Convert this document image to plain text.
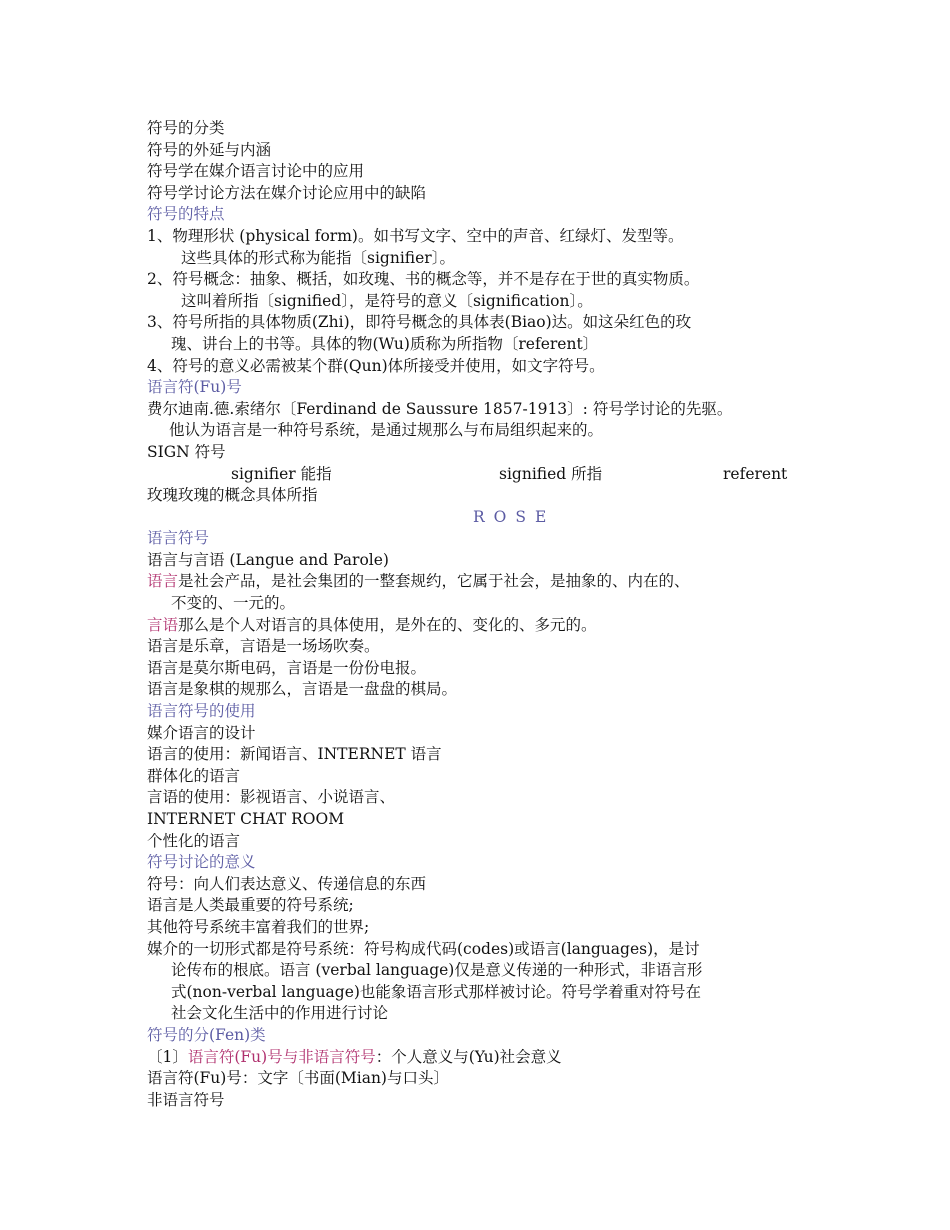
符号的分类
符号的外延与内涵
符号学在媒介语言讨论中的应用
符号学讨论方法在媒介讨论应用中的缺陷
符号的特点
1、物理形状 (physical form)。如书写文字、空中的声音、红绿灯、发型等。
这些具体的形式称为能指〔signifier〕。
2、符号概念：抽象、概括，如玫瑰、书的概念等，并不是存在于世的真实物质。
这叫着所指〔signified〕，是符号的意义〔signification〕。
3、符号所指的具体物质(Zhi)，即符号概念的具体表(Biao)达。如这朵红色的玫
瑰、讲台上的书等。具体的物(Wu)质称为所指物〔referent〕
4、符号的意义必需被某个群(Qun)体所接受并使用，如文字符号。
语言符(Fu)号
费尔迪南.德.索绪尔〔Ferdinand de Saussure 1857-1913〕: 符号学讨论的先驱。
他认为语言是一种符号系统，是通过规那么与布局组织起来的。
SIGN 符号
signifier 能指	signified 所指	referent
玫瑰玫瑰的概念具体所指
ROSE
语言符号
语言与言语 (Langue and Parole)
语言是社会产品，是社会集团的一整套规约，它属于社会，是抽象的、内在的、
不变的、一元的。
言语那么是个人对语言的具体使用，是外在的、变化的、多元的。
语言是乐章，言语是一场场吹奏。
语言是莫尔斯电码，言语是一份份电报。
语言是象棋的规那么，言语是一盘盘的棋局。
语言符号的使用
媒介语言的设计
语言的使用：新闻语言、INTERNET 语言
群体化的语言
言语的使用：影视语言、小说语言、
INTERNET CHAT ROOM
个性化的语言
符号讨论的意义
符号：向人们表达意义、传递信息的东西
语言是人类最重要的符号系统;
其他符号系统丰富着我们的世界;
媒介的一切形式都是符号系统：符号构成代码(codes)或语言(languages)，是讨
论传布的根底。语言 (verbal language)仅是意义传递的一种形式，非语言形
式(non-verbal language)也能象语言形式那样被讨论。符号学着重对符号在
社会文化生活中的作用进行讨论
符号的分(Fen)类
〔1〕语言符(Fu)号与非语言符号：个人意义与(Yu)社会意义
语言符(Fu)号：文字〔书面(Mian)与口头〕
非语言符号
